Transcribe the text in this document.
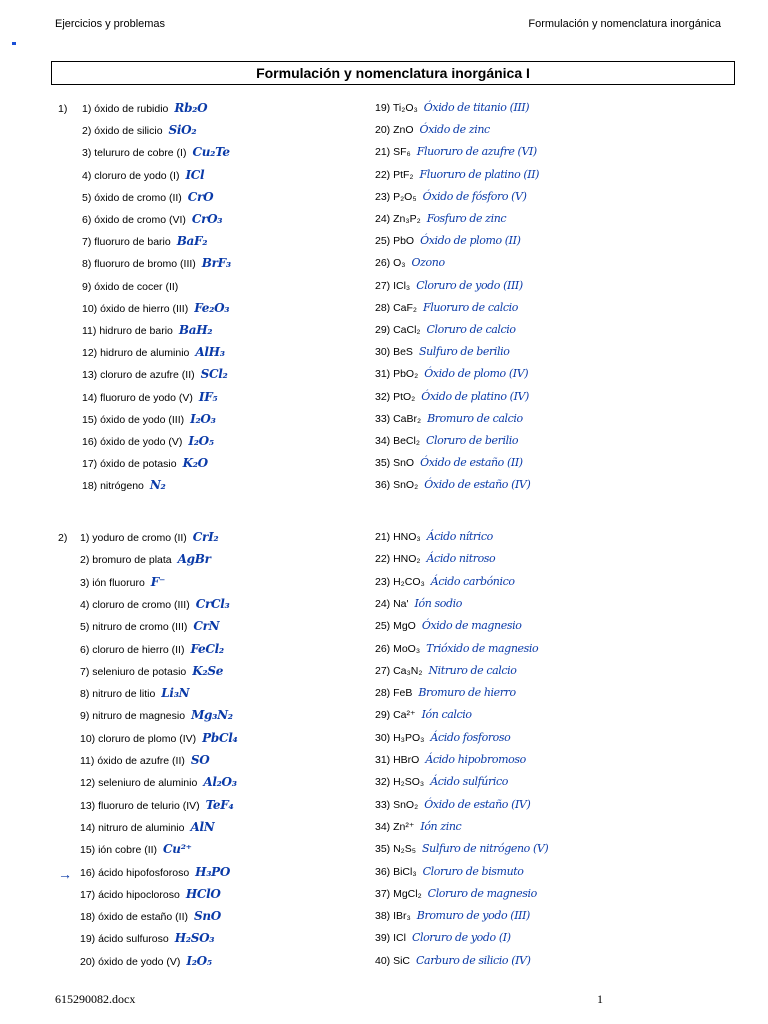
Ejercicios y problemas	Formulación y nomenclatura inorgánica
Formulación y nomenclatura inorgánica I
1) 1) óxido de rubidio Rb₂O
2) óxido de silicio SiO₂
3) telururo de cobre (I) Cu₂Te
4) cloruro de yodo (I) ICl
5) óxido de cromo (II) CrO
6) óxido de cromo (VI) CrO₃
7) fluoruro de bario BaF₂
8) fluoruro de bromo (III) BrF₃
9) óxido de cocer (II)
10) óxido de hierro (III) Fe₂O₃
11) hidruro de bario BaH₂
12) hidruro de aluminio AlH₃
13) cloruro de azufre (II) SCl₂
14) fluoruro de yodo (V) IF₅
15) óxido de yodo (III) I₂O₃
16) óxido de yodo (V) I₂O₅
17) óxido de potasio K₂O
18) nitrógeno N₂
19) Ti₂O₃ Óxido de titanio (III)
20) ZnO Óxido de zinc
21) SF₆ Fluoruro de azufre (VI)
22) PtF₂ Fluoruro de platino (II)
23) P₂O₅ Óxido de fósforo (V)
24) Zn₃P₂ Fosfuro de zinc
25) PbO Óxido de plomo (II)
26) O₃ Ozono
27) ICl₃ Cloruro de yodo (III)
28) CaF₂ Fluoruro de calcio
29) CaCl₂ Cloruro de calcio
30) BeS Sulfuro de berilio
31) PbO₂ Óxido de plomo (IV)
32) PtO₂ Óxido de platino (IV)
33) CaBr₂ Bromuro de calcio
34) BeCl₂ Cloruro de berilio
35) SnO Óxido de estaño (II)
36) SnO₂ Óxido de estaño (IV)
2) 1) yoduro de cromo (II) CrI₂
2) bromuro de plata AgBr
3) ión fluoruro F⁻
4) cloruro de cromo (III) CrCl₃
5) nitruro de cromo (III) CrN
6) cloruro de hierro (II) FeCl₂
7) seleniuro de potasio K₂Se
8) nitruro de litio Li₃N
9) nitruro de magnesio Mg₃N₂
10) cloruro de plomo (IV) PbCl₄
11) óxido de azufre (II) SO
12) seleniuro de aluminio Al₂O₃
13) fluoruro de telurio (IV) TeF₄
14) nitruro de aluminio AlN
15) ión cobre (II) Cu²⁺
16) ácido hipofosforoso H₃PO
17) ácido hipocloroso HClO
18) óxido de estaño (II) SnO
19) ácido sulfuroso H₂SO₃
20) óxido de yodo (V) I₂O₅
21) HNO₃ Ácido nítrico
22) HNO₂ Ácido nitroso
23) H₂CO₃ Ácido carbónico
24) Na' Ión sodio
25) MgO Óxido de magnesio
26) MoO₃ Trióxido de magnesio
27) Ca₃N₂ Nitruro de calcio
28) FeB Bromuro de hierro
29) Ca²⁺ Ión calcio
30) H₃PO₃ Ácido fosforoso
31) HBrO Ácido hipobromoso
32) H₂SO₃ Ácido sulfúrico
33) SnO₂ Óxido de estaño (IV)
34) Zn²⁺ Ión zinc
35) N₂S₅ Sulfuro de nitrógeno (V)
36) BiCl₃ Cloruro de bismuto
37) MgCl₂ Cloruro de magnesio
38) IBr₃ Bromuro de yodo (III)
39) ICl Cloruro de yodo (I)
40) SiC Carburo de silicio (IV)
→
615290082.docx	1
